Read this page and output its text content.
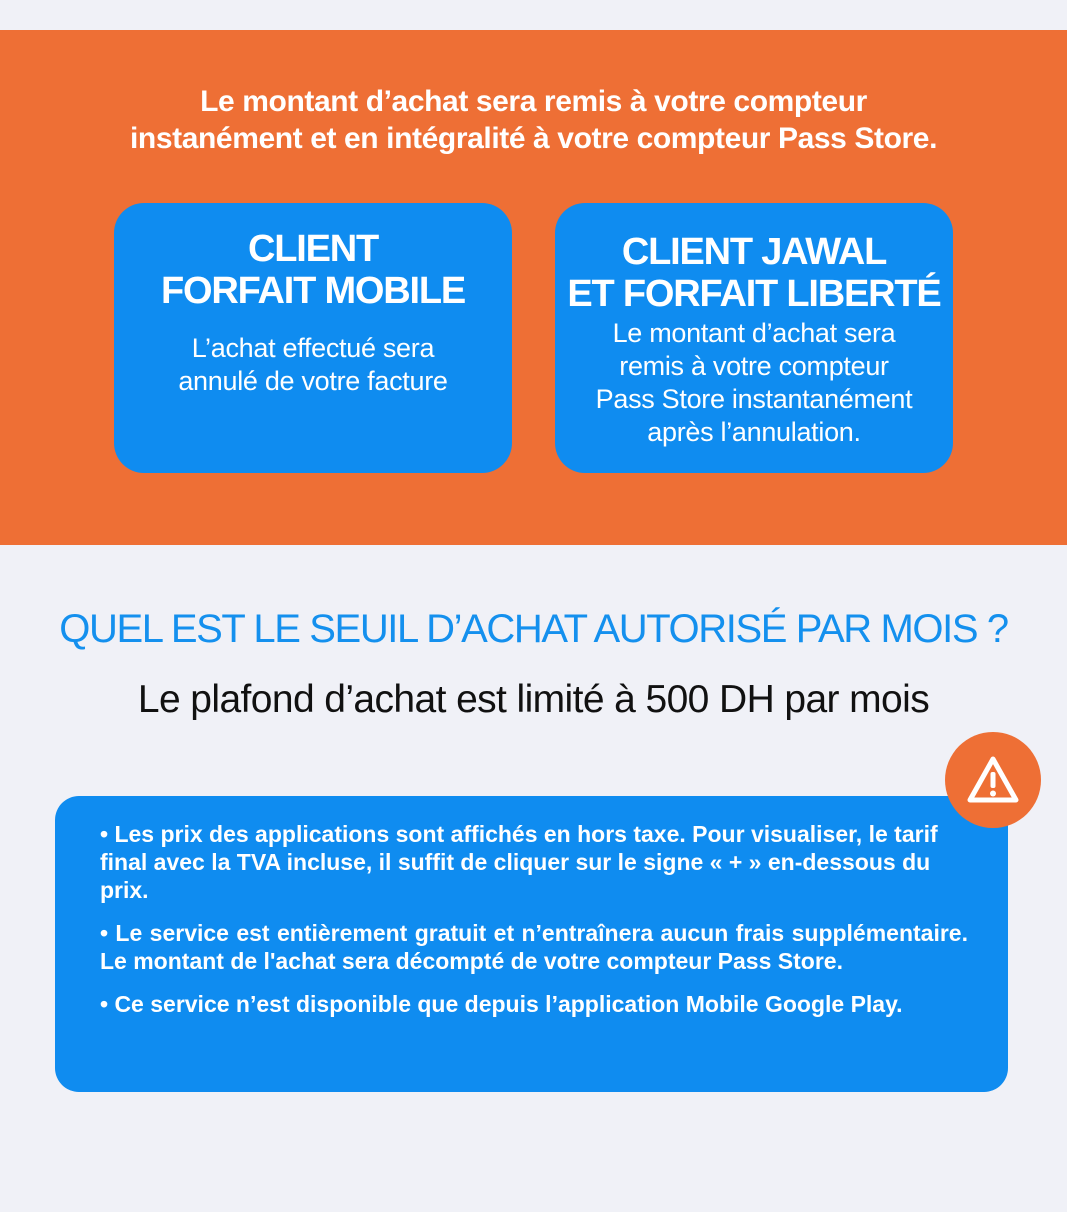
Le montant d’achat sera remis à votre compteur
instanément et en intégralité à votre compteur Pass Store.
CLIENT
FORFAIT MOBILE
L’achat effectué sera
annulé de votre facture
CLIENT JAWAL
ET FORFAIT LIBERTÉ
Le montant d’achat sera
remis à votre compteur
Pass Store instantanément
après l’annulation.
QUEL EST LE SEUIL D’ACHAT AUTORISÉ PAR MOIS ?
Le plafond d’achat est limité à 500 DH par mois

• Les prix des applications sont affichés en hors taxe. Pour visualiser, le tarif final avec la TVA incluse, il suffit de cliquer sur le signe « + » en-dessous du prix.

• Le service est entièrement gratuit et n’entraînera aucun frais supplémentaire. Le montant de l'achat sera décompté de votre compteur Pass Store.

• Ce service n’est disponible que depuis l’application Mobile Google Play.
